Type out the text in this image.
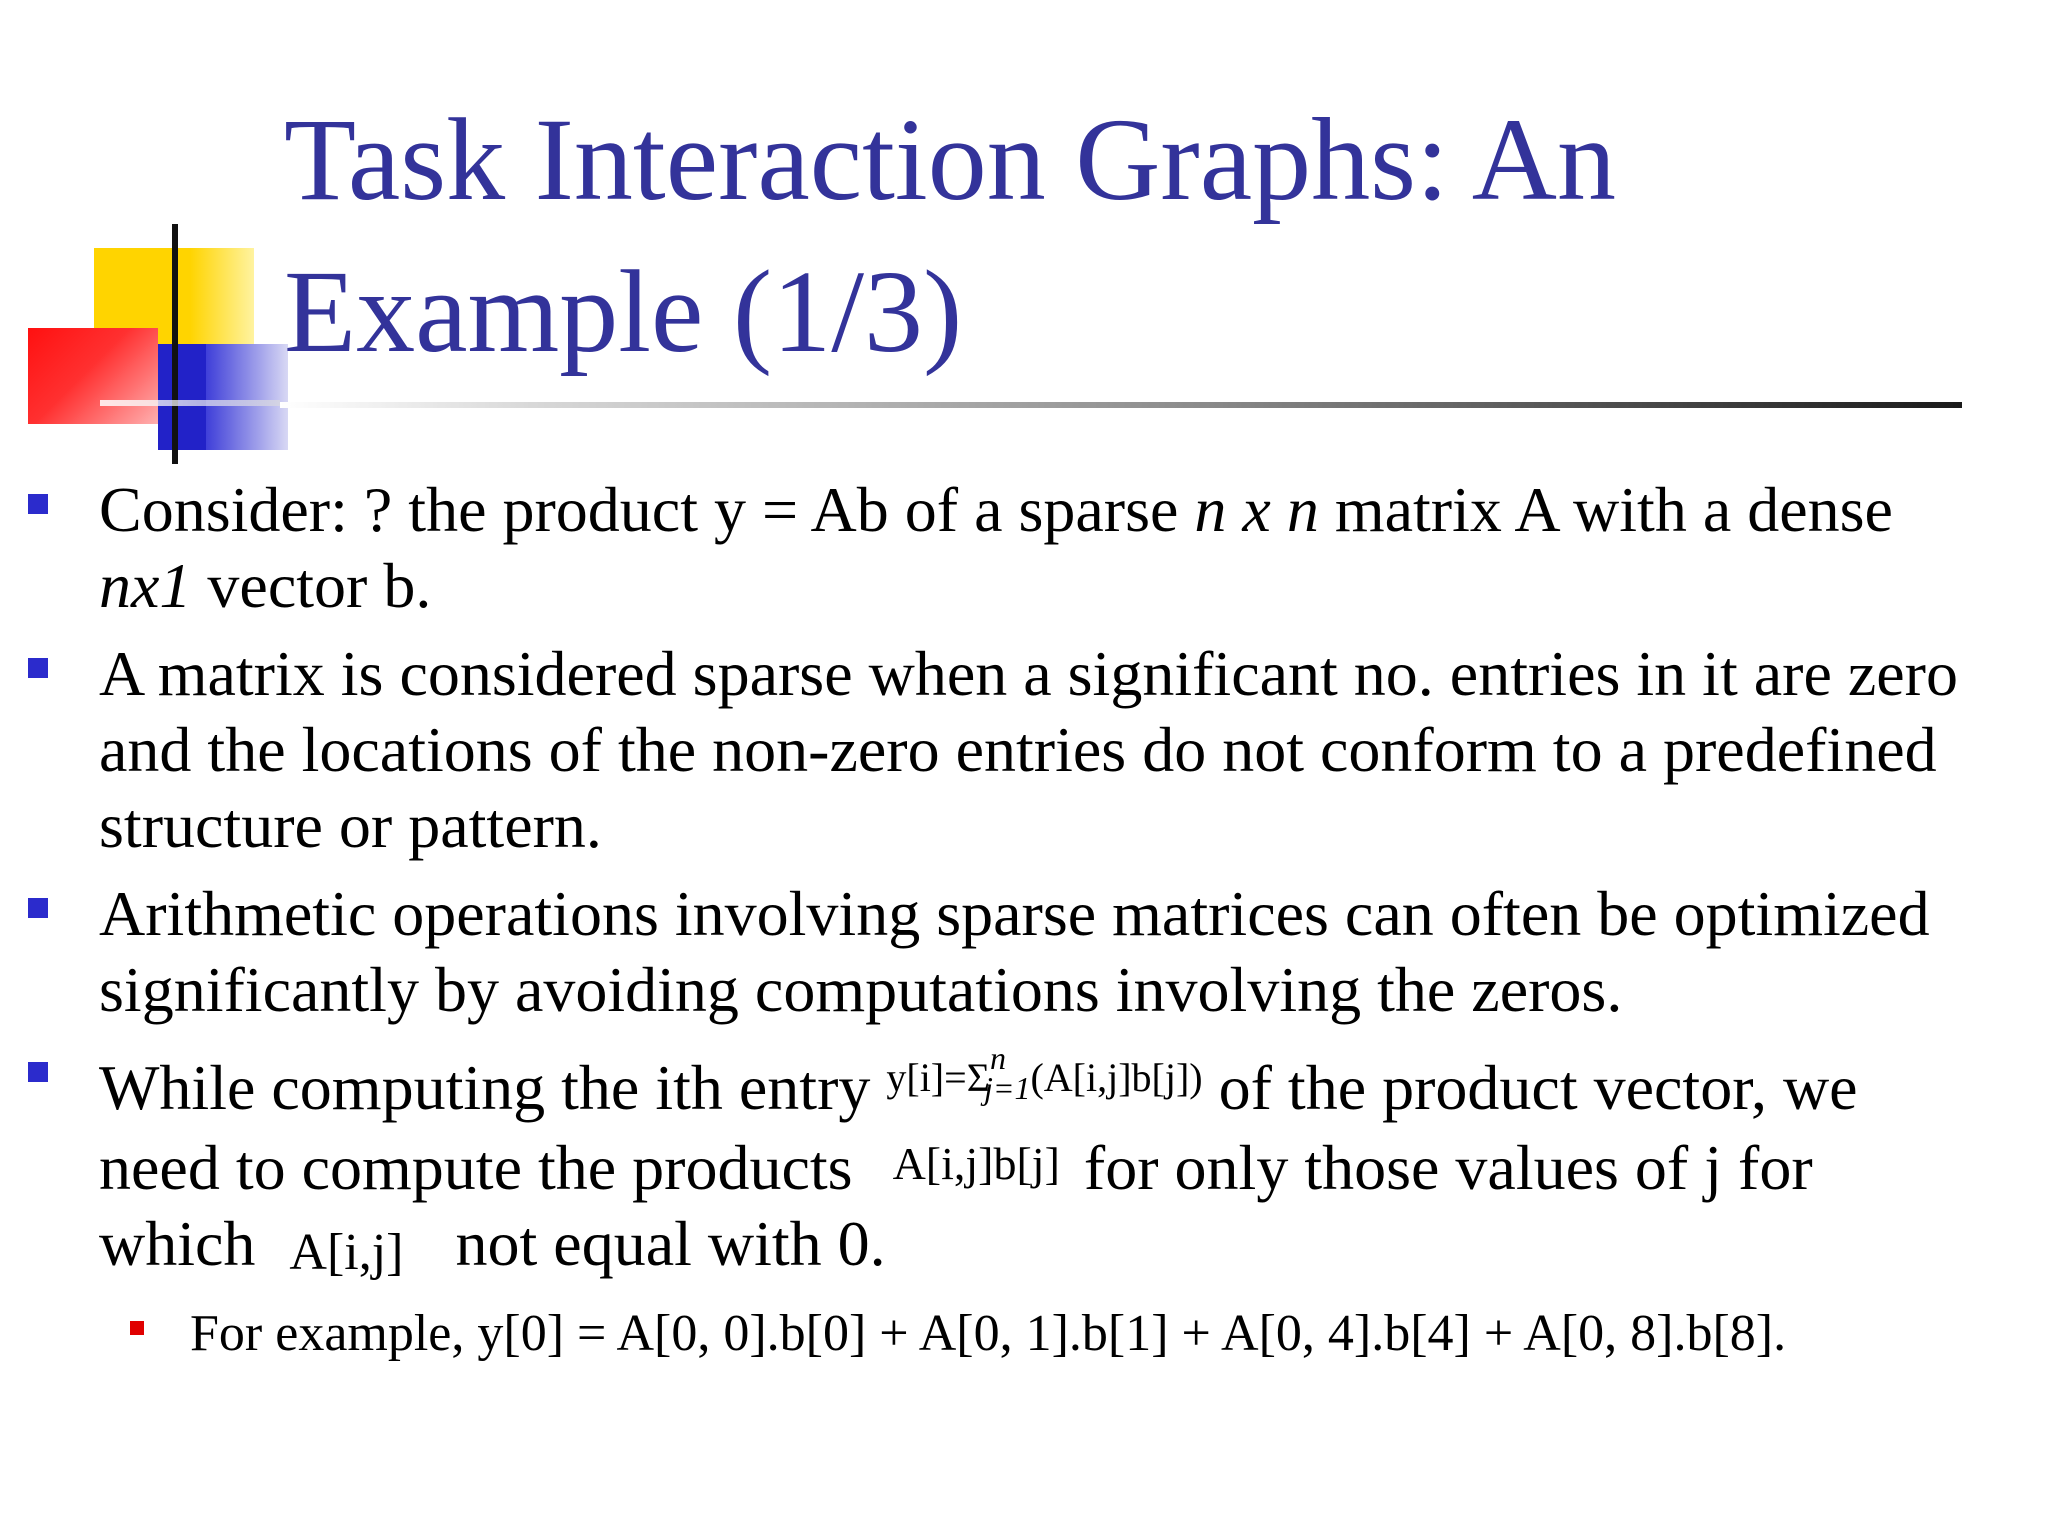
Task Interaction Graphs: An
Example (1/3)
Consider: ? the product y = Ab of a sparse n x n matrix A with a dense nx1 vector b.
A matrix is considered sparse when a significant no. entries in it are zero and the locations of the non-zero entries do not conform to a predefined structure or pattern.
Arithmetic operations involving sparse matrices can often be optimized significantly by avoiding computations involving the zeros.
While computing the ith entry $^{y[i]=\Sigma^n_{j=1}(A[i,j]b[j])}$ of the product vector, we need to compute the products A[i,j]b[j] for only those values of j for which A[i,j] not equal with 0.
For example, y[0] = A[0, 0].b[0] + A[0, 1].b[1] + A[0, 4].b[4] + A[0, 8].b[8].
